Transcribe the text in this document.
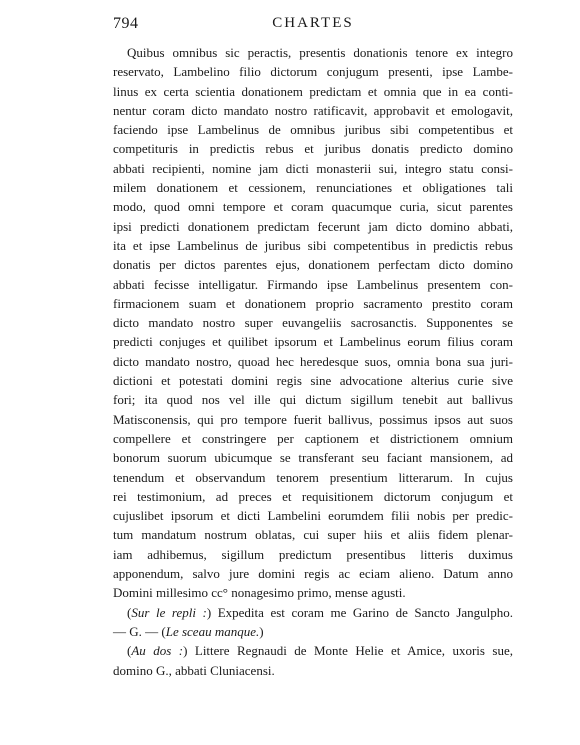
794	CHARTES
Quibus omnibus sic peractis, presentis donationis tenore ex integro
reservato, Lambelino filio dictorum conjugum presenti, ipse Lambe-
linus ex certa scientia donationem predictam et omnia que in ea conti-
nentur coram dicto mandato nostro ratificavit, approbavit et emologavit,
faciendo ipse Lambelinus de omnibus juribus sibi competentibus et
competituris in predictis rebus et juribus donatis predicto domino
abbati recipienti, nomine jam dicti monasterii sui, integro statu consi-
milem donationem et cessionem, renunciationes et obligationes tali
modo, quod omni tempore et coram quacumque curia, sicut parentes
ipsi predicti donationem predictam fecerunt jam dicto domino abbati,
ita et ipse Lambelinus de juribus sibi competentibus in predictis rebus
donatis per dictos parentes ejus, donationem perfectam dicto domino
abbati fecisse intelligatur. Firmando ipse Lambelinus presentem con-
firmacionem suam et donationem proprio sacramento prestito coram
dicto mandato nostro super euvangeliis sacrosanctis. Supponentes se
predicti conjuges et quilibet ipsorum et Lambelinus eorum filius coram
dicto mandato nostro, quoad hec heredesque suos, omnia bona sua juri-
dictioni et potestati domini regis sine advocatione alterius curie sive
fori; ita quod nos vel ille qui dictum sigillum tenebit aut ballivus
Matisconensis, qui pro tempore fuerit ballivus, possimus ipsos aut suos
compellere et constringere per captionem et districtionem omnium
bonorum suorum ubicumque se transferant seu faciant mansionem, ad
tenendum et observandum tenorem presentium litterarum. In cujus
rei testimonium, ad preces et requisitionem dictorum conjugum et
cujuslibet ipsorum et dicti Lambelini eorumdem filii nobis per predic-
tum mandatum nostrum oblatas, cui super hiis et aliis fidem plenar-
iam adhibemus, sigillum predictum presentibus litteris duximus
apponendum, salvo jure domini regis ac eciam alieno. Datum anno
Domini millesimo cc° nonagesimo primo, mense agusti.
(Sur le repli :) Expedita est coram me Garino de Sancto Jangulpho.
— G. — (Le sceau manque.)
(Au dos :) Littere Regnaudi de Monte Helie et Amice, uxoris sue,
domino G., abbati Cluniacensi.
